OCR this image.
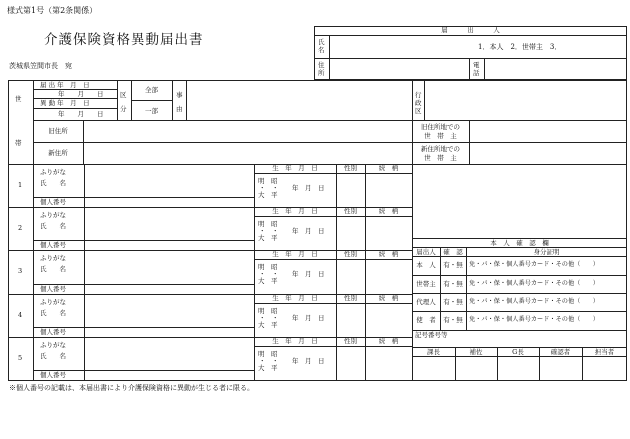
様式第1号（第2条関係）
介護保険資格異動届出書
茨城県笠間市長　宛
届　　　出　　　人
氏名	1．本人　2．世帯主　3．
住所
電話
世
帯
届 出 年　月　日
年　　月　　日
異 動 年　月　日
年　　月　　日
区分
全部
一部
事由
行政区
旧住所
新住所
旧住所地での
世　帯　主
新住所地での
世　帯　主
1
ふりがな
氏　　名
個人番号
生　年　月　日	性別	続　柄
明　 昭
・　・
大　 平
年　月　日
2
ふりがな
氏　　名
個人番号
生　年　月　日	性別	続　柄
明　 昭
・　・
大　 平
年　月　日
3
ふりがな
氏　　名
個人番号
生　年　月　日	性別	続　柄
明　 昭
・　・
大　 平
年　月　日
4
ふりがな
氏　　名
個人番号
生　年　月　日	性別	続　柄
明　 昭
・　・
大　 平
年　月　日
5
ふりがな
氏　　名
個人番号
生　年　月　日	性別	続　柄
明　 昭
・　・
大　 平
年　月　日
本　人　確　認　欄
届出人	確　認	身分証明
本　人	有・無	免・パ・保・個人番号カード・その他（　　）
世帯主	有・無	免・パ・保・個人番号カード・その他（　　）
代理人	有・無	免・パ・保・個人番号カード・その他（　　）
使　者	有・無	免・パ・保・個人番号カード・その他（　　）
記号番号等
課長	補佐	G長	確認者	担当者
※個人番号の記載は、本届出書により介護保険資格に異動が生じる者に限る。
